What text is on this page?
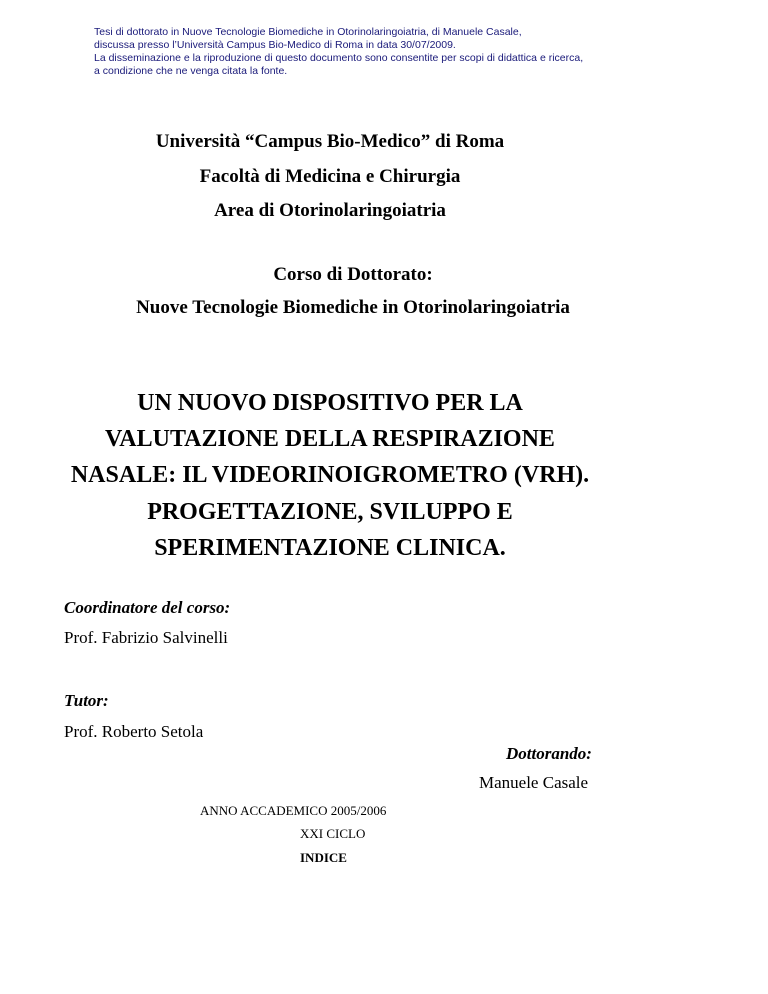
Tesi di dottorato in Nuove Tecnologie Biomediche in Otorinolaringoiatria, di Manuele Casale,
discussa presso l’Università Campus Bio-Medico di Roma in data 30/07/2009.
La disseminazione e la riproduzione di questo documento sono consentite per scopi di didattica e ricerca,
a condizione che ne venga citata la fonte.
Università “Campus Bio-Medico” di Roma
Facoltà di Medicina e Chirurgia
Area di Otorinolaringoiatria
Corso di Dottorato:
Nuove Tecnologie Biomediche in Otorinolaringoiatria
UN NUOVO DISPOSITIVO PER LA
VALUTAZIONE DELLA RESPIRAZIONE
NASALE: IL VIDEORINOIGROMETRO (VRH).
PROGETTAZIONE, SVILUPPO E
SPERIMENTAZIONE CLINICA.
Coordinatore del corso:
Prof. Fabrizio Salvinelli
Tutor:
Prof. Roberto Setola
Dottorando:
Manuele Casale
ANNO ACCADEMICO 2005/2006
XXI CICLO
INDICE
